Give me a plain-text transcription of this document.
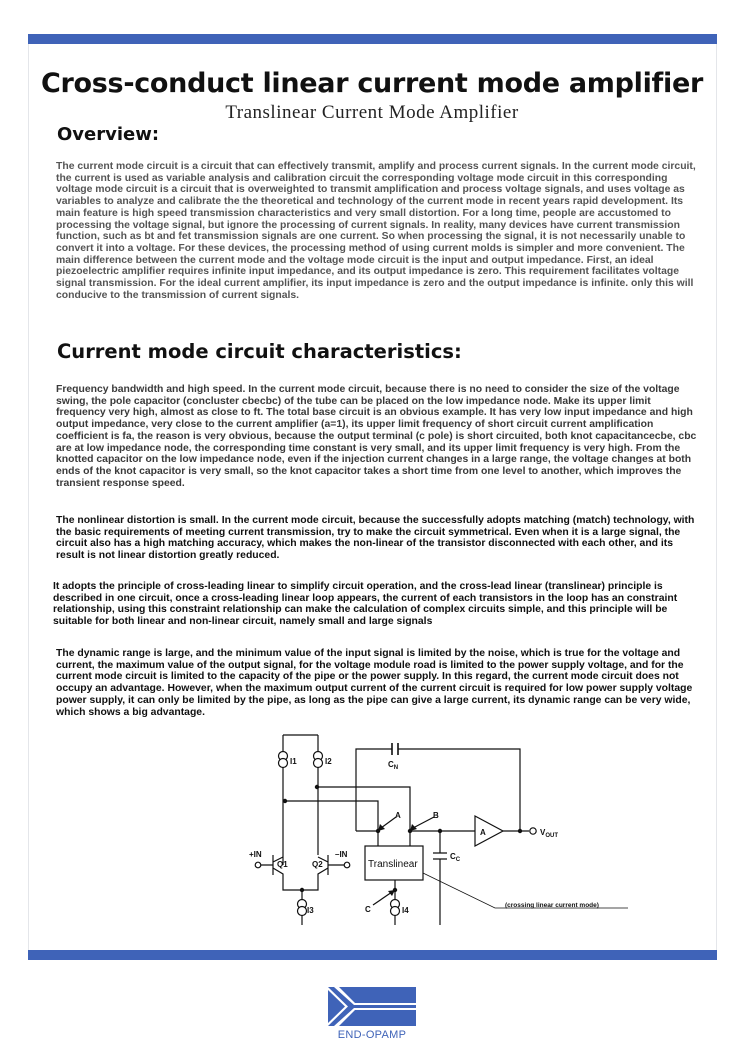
Cross-conduct linear current mode amplifier
Translinear Current Mode Amplifier
Overview:
The current mode circuit is a circuit that can effectively transmit, amplify and process current signals. In the current mode circuit, the current is used as variable analysis and calibration circuit the corresponding voltage mode circuit in this corresponding voltage mode circuit is a circuit that is overweighted to transmit amplification and process voltage signals, and uses voltage as variables to analyze and calibrate the the theoretical and technology of the current mode in recent years rapid development. Its main feature is high speed transmission characteristics and very small distortion. For a long time, people are accustomed to processing the voltage signal, but ignore the processing of current signals. In reality, many devices have current transmission function, such as bt and fet transmission signals are one current. So when processing the signal, it is not necessarily unable to convert it into a voltage. For these devices, the processing method of using current molds is simpler and more convenient. The main difference between the current mode and the voltage mode circuit is the input and output impedance. First, an ideal piezoelectric amplifier requires infinite input impedance, and its output impedance is zero. This requirement facilitates voltage signal transmission. For the ideal current amplifier, its input impedance is zero and the output impedance is infinite. only this will conducive to the transmission of current signals.
Current mode circuit characteristics:
Frequency bandwidth and high speed. In the current mode circuit, because there is no need to consider the size of the voltage swing, the pole capacitor (concluster cbecbc) of the tube can be placed on the low impedance node. Make its upper limit frequency very high, almost as close to ft. The total base circuit is an obvious example. It has very low input impedance and high output impedance, very close to the current amplifier (a=1), its upper limit frequency of short circuit current amplification coefficient is fa, the reason is very obvious, because the output terminal (c pole) is short circuited, both knot capacitancecbe, cbc are at low impedance node, the corresponding time constant is very small, and its upper limit frequency is very high. From the knotted capacitor on the low impedance node, even if the injection current changes in a large range, the voltage changes at both ends of the knot capacitor is very small, so the knot capacitor takes a short time from one level to another, which improves the transient response speed.
The nonlinear distortion is small. In the current mode circuit, because the successfully adopts matching (match) technology, with the basic requirements of meeting current transmission, try to make the circuit symmetrical. Even when it is a large signal, the circuit also has a high matching accuracy, which makes the non-linear of the transistor disconnected with each other, and its result is not linear distortion greatly reduced.
It adopts the principle of cross-leading linear to simplify circuit operation, and the cross-lead linear (translinear) principle is described in one circuit, once a cross-leading linear loop appears, the current of each transistors in the loop has an constraint relationship, using this constraint relationship can make the calculation of complex circuits simple, and this principle will be suitable for both linear and non-linear circuit, namely small and large signals
The dynamic range is large, and the minimum value of the input signal is limited by the noise, which is true for the voltage and current, the maximum value of the output signal, for the voltage module road is limited to the power supply voltage, and for the current mode circuit is limited to the capacity of the pipe or the power supply. In this regard, the current mode circuit does not occupy an advantage. However, when the maximum output current of the current circuit is required for low power supply voltage power supply, it can only be limited by the pipe, as long as the pipe can give a large current, its dynamic range can be very wide, which shows a big advantage.
I1	I2
I3	I4
Q1	Q2
+IN	–IN
$C_N$
$C_C$
A	B
C
A	$V_{OUT}$
Translinear
(crossing linear current mode)
END-OPAMP
